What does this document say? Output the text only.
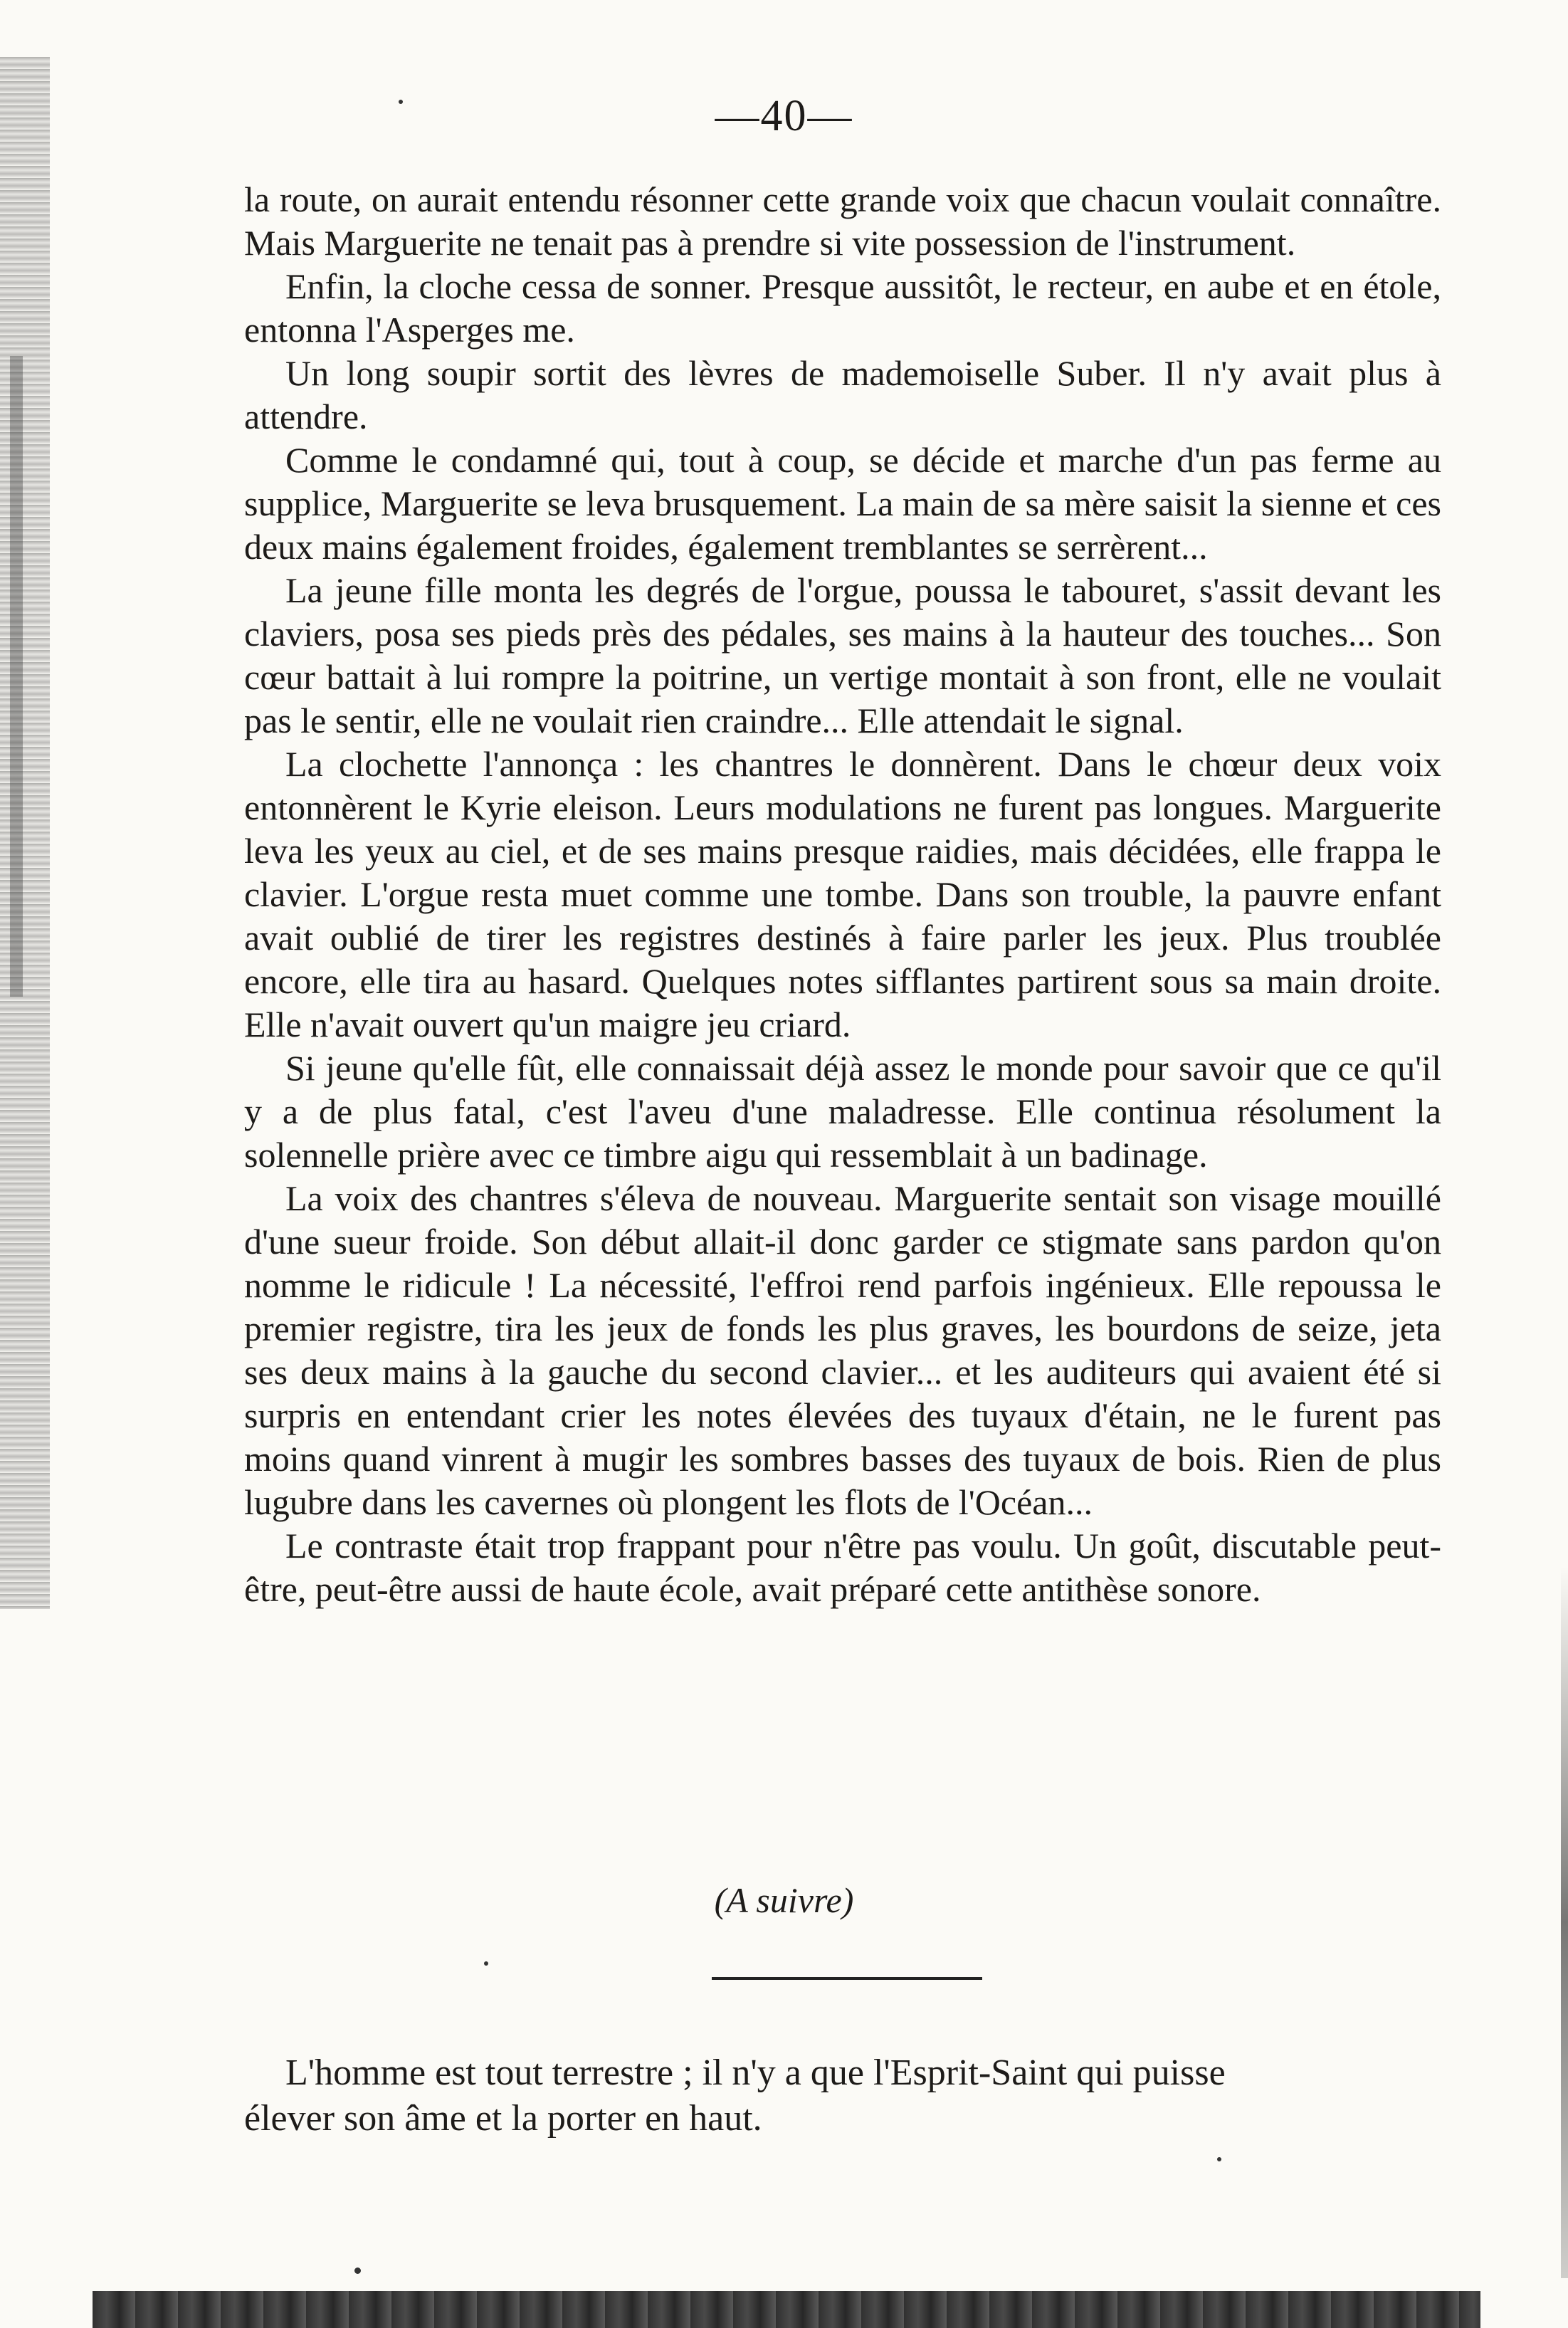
—40—

la route, on aurait entendu résonner cette grande voix que chacun voulait connaître. Mais Marguerite ne tenait pas à prendre si vite possession de l'instrument.

Enfin, la cloche cessa de sonner. Presque aussitôt, le recteur, en aube et en étole, entonna l'Asperges me.

Un long soupir sortit des lèvres de mademoiselle Suber. Il n'y avait plus à attendre.

Comme le condamné qui, tout à coup, se décide et marche d'un pas ferme au supplice, Marguerite se leva brusquement. La main de sa mère saisit la sienne et ces deux mains également froides, également tremblantes se serrèrent...

La jeune fille monta les degrés de l'orgue, poussa le tabouret, s'assit devant les claviers, posa ses pieds près des pédales, ses mains à la hauteur des touches... Son cœur battait à lui rompre la poitrine, un vertige montait à son front, elle ne voulait pas le sentir, elle ne voulait rien craindre... Elle attendait le signal.

La clochette l'annonça : les chantres le donnèrent. Dans le chœur deux voix entonnèrent le Kyrie eleison. Leurs modulations ne furent pas longues. Marguerite leva les yeux au ciel, et de ses mains presque raidies, mais décidées, elle frappa le clavier. L'orgue resta muet comme une tombe. Dans son trouble, la pauvre enfant avait oublié de tirer les registres destinés à faire parler les jeux. Plus troublée encore, elle tira au hasard. Quelques notes sifflantes partirent sous sa main droite. Elle n'avait ouvert qu'un maigre jeu criard.

Si jeune qu'elle fût, elle connaissait déjà assez le monde pour savoir que ce qu'il y a de plus fatal, c'est l'aveu d'une maladresse. Elle continua résolument la solennelle prière avec ce timbre aigu qui ressemblait à un badinage.

La voix des chantres s'éleva de nouveau. Marguerite sentait son visage mouillé d'une sueur froide. Son début allait-il donc garder ce stigmate sans pardon qu'on nomme le ridicule ! La nécessité, l'effroi rend parfois ingénieux. Elle repoussa le premier registre, tira les jeux de fonds les plus graves, les bourdons de seize, jeta ses deux mains à la gauche du second clavier... et les auditeurs qui avaient été si surpris en entendant crier les notes élevées des tuyaux d'étain, ne le furent pas moins quand vinrent à mugir les sombres basses des tuyaux de bois. Rien de plus lugubre dans les cavernes où plongent les flots de l'Océan...

Le contraste était trop frappant pour n'être pas voulu. Un goût, discutable peut-être, peut-être aussi de haute école, avait préparé cette antithèse sonore.

(A suivre)

L'homme est tout terrestre ; il n'y a que l'Esprit-Saint qui puisse
élever son âme et la porter en haut.
